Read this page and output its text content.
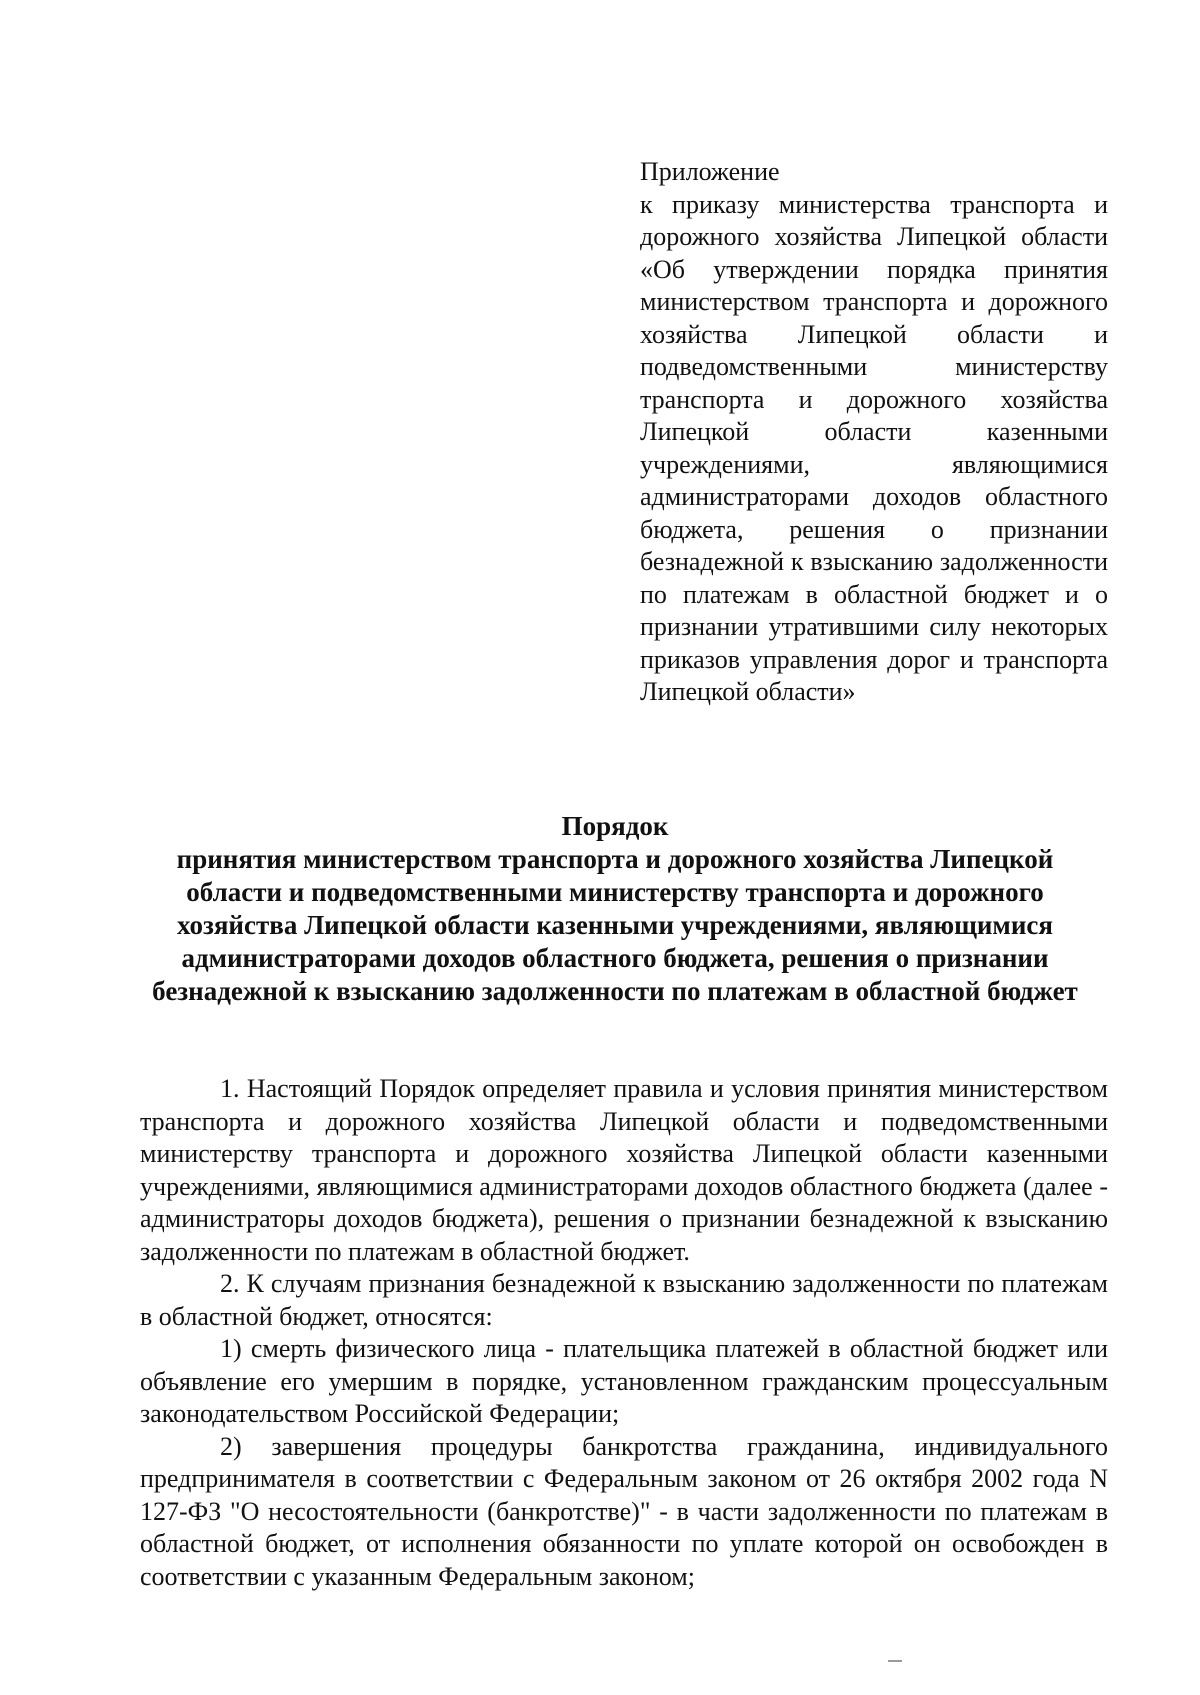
Приложение
к приказу министерства транспорта и дорожного хозяйства Липецкой области «Об утверждении порядка принятия министерством транспорта и дорожного хозяйства Липецкой области и подведомственными министерству транспорта и дорожного хозяйства Липецкой области казенными учреждениями, являющимися администраторами доходов областного бюджета, решения о признании безнадежной к взысканию задолженности по платежам в областной бюджет и о признании утратившими силу некоторых приказов управления дорог и транспорта Липецкой области»
Порядок
принятия министерством транспорта и дорожного хозяйства Липецкой области и подведомственными министерству транспорта и дорожного хозяйства Липецкой области казенными учреждениями, являющимися администраторами доходов областного бюджета, решения о признании безнадежной к взысканию задолженности по платежам в областной бюджет

1. Настоящий Порядок определяет правила и условия принятия министерством транспорта и дорожного хозяйства Липецкой области и подведомственными министерству транспорта и дорожного хозяйства Липецкой области казенными учреждениями, являющимися администраторами доходов областного бюджета (далее - администраторы доходов бюджета), решения о признании безнадежной к взысканию задолженности по платежам в областной бюджет.

2. К случаям признания безнадежной к взысканию задолженности по платежам в областной бюджет, относятся:

1) смерть физического лица - плательщика платежей в областной бюджет или объявление его умершим в порядке, установленном гражданским процессуальным законодательством Российской Федерации;

2) завершения процедуры банкротства гражданина, индивидуального предпринимателя в соответствии с Федеральным законом от 26 октября 2002 года N 127-ФЗ "О несостоятельности (банкротстве)" - в части задолженности по платежам в областной бюджет, от исполнения обязанности по уплате которой он освобожден в соответствии с указанным Федеральным законом;
